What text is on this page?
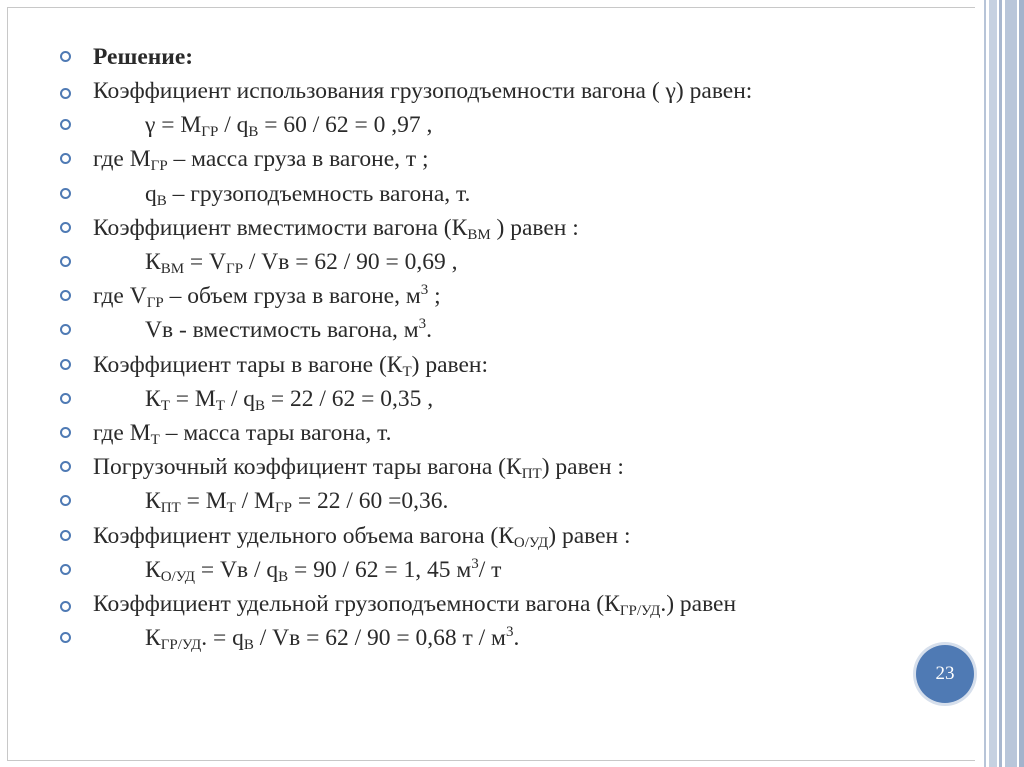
Решение:
Коэффициент использования грузоподъемности вагона ( γ) равен:
$\gamma = М_{ГР} / q_В = 60 / 62 = 0$ ,97 ,
где $М_{ГР}$ – масса груза в вагоне, т ;
$q_В$ – грузоподъемность вагона, т.
Коэффициент вместимости вагона ($К_{ВМ}$ ) равен :
$К_{ВМ} = V_{ГР}$ / Vв = 62 / 90 = 0,69 ,
где $V_{ГР}$ – объем груза в вагоне, $м^3$ ;
Vв - вместимость вагона, $м^3$.
Коэффициент тары в вагоне $(К_Т)$ равен:
$К_Т = М_Т / q_В = 22 / 62 = 0,35$ ,
где $М_Т$ – масса тары вагона, т.
Погрузочный коэффициент тары вагона $(К_{ПТ})$ равен :
$К_{ПТ} = М_Т / М_{ГР} = 22 / 60 =0,36$.
Коэффициент удельного объема вагона $(К_{О/УД})$ равен :
$К_{О/УД}$ = Vв / $q_В = 90 / 62 = 1$, 45 $м^3/$ т
Коэффициент удельной грузоподъемности вагона $(К_{ГР/УД}.)$ равен
$К_{ГР/УД}$. = $q_В$ / Vв = 62 / 90 = 0,68 т / $м^3$.
23
